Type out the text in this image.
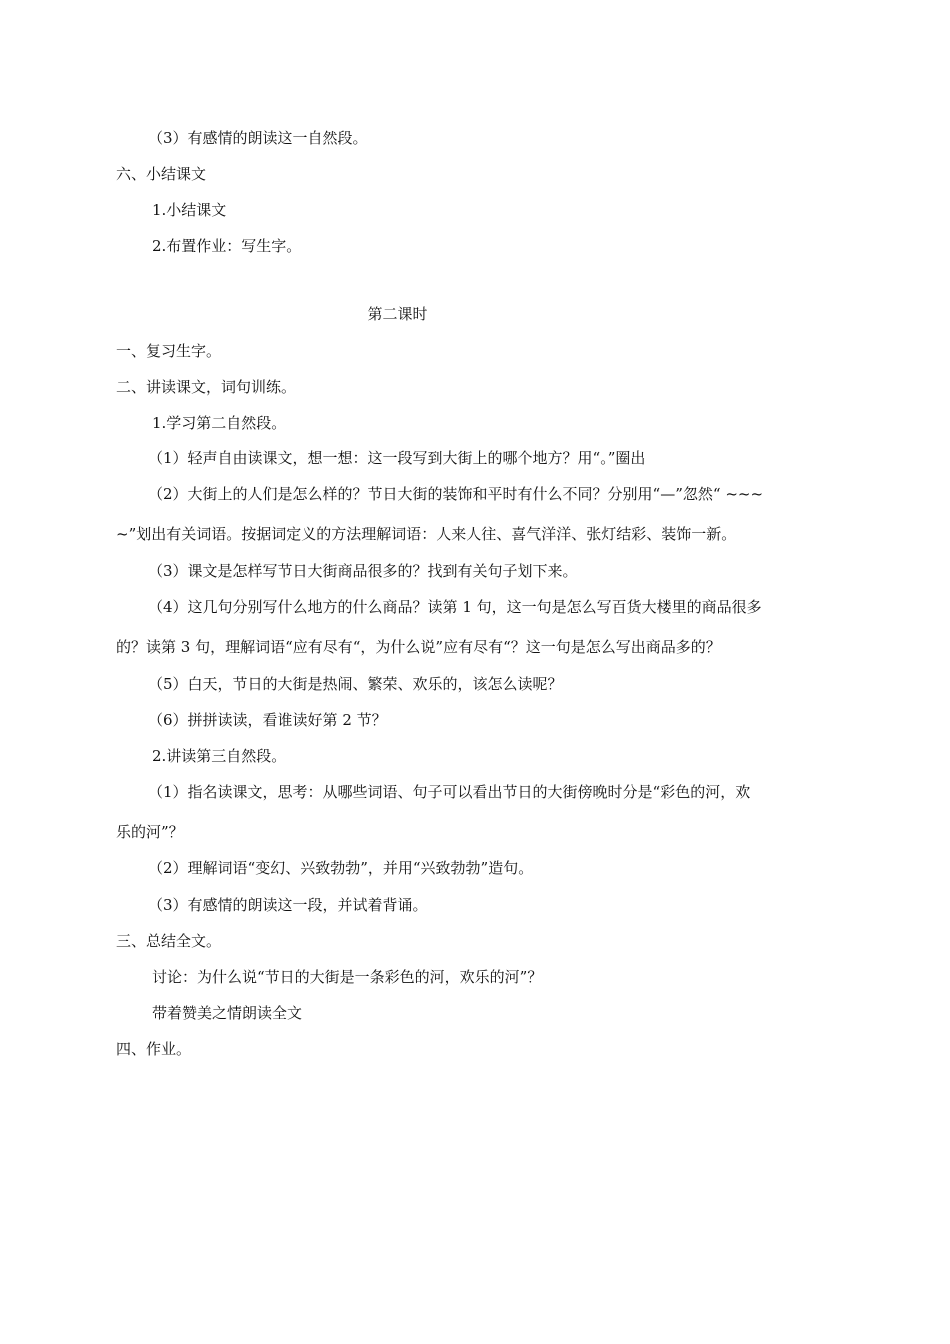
（3）有感情的朗读这一自然段。
六、小结课文
1.小结课文
2.布置作业：写生字。
第二课时
一、复习生字。
二、讲读课文，词句训练。
1.学习第二自然段。
（1）轻声自由读课文，想一想：这一段写到大街上的哪个地方？用“。”圈出
（2）大街上的人们是怎么样的？节日大街的装饰和平时有什么不同？分别用“—”忽然“ ~~~
~”划出有关词语。按据词定义的方法理解词语：人来人往、喜气洋洋、张灯结彩、装饰一新。
（3）课文是怎样写节日大街商品很多的？找到有关句子划下来。
（4）这几句分别写什么地方的什么商品？读第 1 句，这一句是怎么写百货大楼里的商品很多
的？读第 3 句，理解词语“应有尽有“，为什么说”应有尽有“？这一句是怎么写出商品多的？
（5）白天，节日的大街是热闹、繁荣、欢乐的，该怎么读呢？
（6）拼拼读读，看谁读好第 2 节？
2.讲读第三自然段。
（1）指名读课文，思考：从哪些词语、句子可以看出节日的大街傍晚时分是“彩色的河，欢
乐的河”？
（2）理解词语“变幻、兴致勃勃”，并用“兴致勃勃”造句。
（3）有感情的朗读这一段，并试着背诵。
三、总结全文。
讨论：为什么说“节日的大街是一条彩色的河，欢乐的河”？
带着赞美之情朗读全文
四、作业。
